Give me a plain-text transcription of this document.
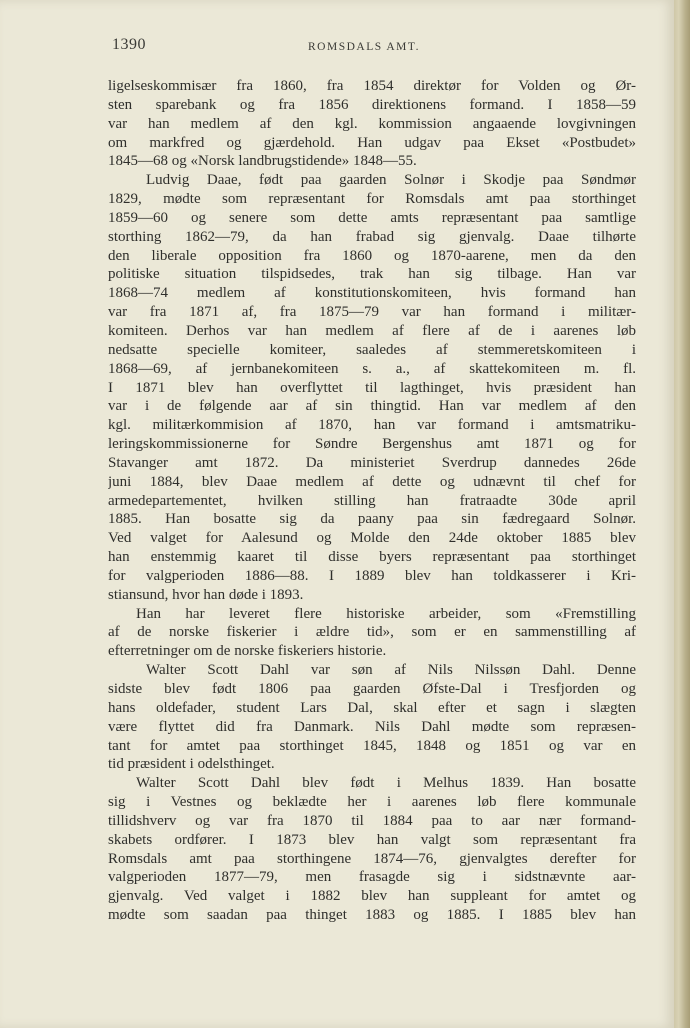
1390	ROMSDALS AMT.
ligelseskommisær fra 1860, fra 1854 direktør for Volden og Ør-
sten sparebank og fra 1856 direktionens formand. I 1858—59
var han medlem af den kgl. kommission angaaende lovgivningen
om markfred og gjærdehold. Han udgav paa Ekset «Postbudet»
1845—68 og «Norsk landbrugstidende» 1848—55.
Ludvig Daae, født paa gaarden Solnør i Skodje paa Søndmør
1829, mødte som repræsentant for Romsdals amt paa storthinget
1859—60 og senere som dette amts repræsentant paa samtlige
storthing 1862—79, da han frabad sig gjenvalg. Daae tilhørte
den liberale opposition fra 1860 og 1870-aarene, men da den
politiske situation tilspidsedes, trak han sig tilbage. Han var
1868—74 medlem af konstitutionskomiteen, hvis formand han
var fra 1871 af, fra 1875—79 var han formand i militær-
komiteen. Derhos var han medlem af flere af de i aarenes løb
nedsatte specielle komiteer, saaledes af stemmeretskomiteen i
1868—69, af jernbanekomiteen s. a., af skattekomiteen m. fl.
I 1871 blev han overflyttet til lagthinget, hvis præsident han
var i de følgende aar af sin thingtid. Han var medlem af den
kgl. militærkommision af 1870, han var formand i amtsmatriku-
leringskommissionerne for Søndre Bergenshus amt 1871 og for
Stavanger amt 1872. Da ministeriet Sverdrup dannedes 26de
juni 1884, blev Daae medlem af dette og udnævnt til chef for
armedepartementet, hvilken stilling han fratraadte 30de april
1885. Han bosatte sig da paany paa sin fædregaard Solnør.
Ved valget for Aalesund og Molde den 24de oktober 1885 blev
han enstemmig kaaret til disse byers repræsentant paa storthinget
for valgperioden 1886—88. I 1889 blev han toldkasserer i Kri-
stiansund, hvor han døde i 1893.
Han har leveret flere historiske arbeider, som «Fremstilling
af de norske fiskerier i ældre tid», som er en sammenstilling af
efterretninger om de norske fiskeriers historie.
Walter Scott Dahl var søn af Nils Nilssøn Dahl. Denne
sidste blev født 1806 paa gaarden Øfste-Dal i Tresfjorden og
hans oldefader, student Lars Dal, skal efter et sagn i slægten
være flyttet did fra Danmark. Nils Dahl mødte som repræsen-
tant for amtet paa storthinget 1845, 1848 og 1851 og var en
tid præsident i odelsthinget.
Walter Scott Dahl blev født i Melhus 1839. Han bosatte
sig i Vestnes og beklædte her i aarenes løb flere kommunale
tillidshverv og var fra 1870 til 1884 paa to aar nær formand-
skabets ordfører. I 1873 blev han valgt som repræsentant fra
Romsdals amt paa storthingene 1874—76, gjenvalgtes derefter for
valgperioden 1877—79, men frasagde sig i sidstnævnte aar-
gjenvalg. Ved valget i 1882 blev han suppleant for amtet og
mødte som saadan paa thinget 1883 og 1885. I 1885 blev han
